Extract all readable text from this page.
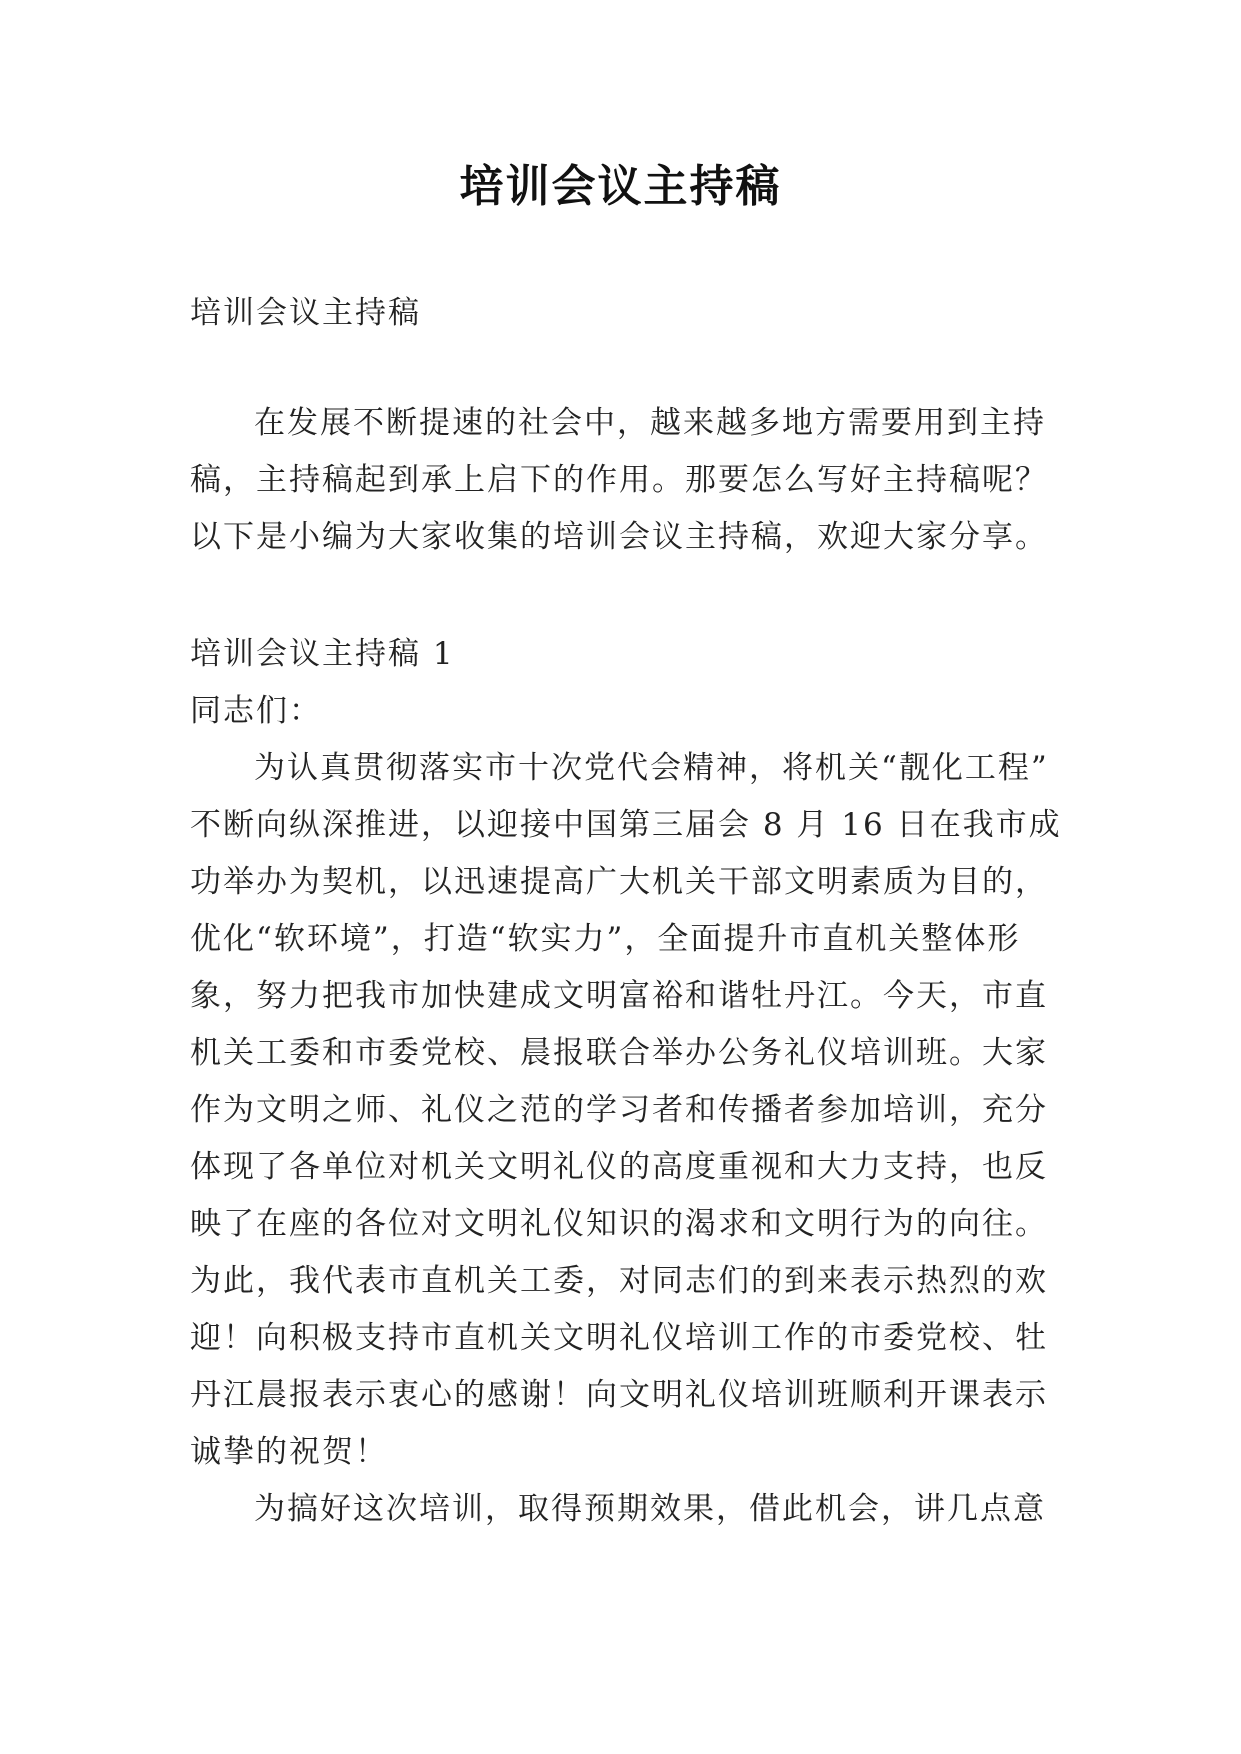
培训会议主持稿
培训会议主持稿
在发展不断提速的社会中，越来越多地方需要用到主持
稿，主持稿起到承上启下的作用。那要怎么写好主持稿呢？
以下是小编为大家收集的培训会议主持稿，欢迎大家分享。
培训会议主持稿 1
同志们：
为认真贯彻落实市十次党代会精神，将机关“靓化工程”
不断向纵深推进，以迎接中国第三届会 8 月 16 日在我市成
功举办为契机，以迅速提高广大机关干部文明素质为目的，
优化“软环境”，打造“软实力”，全面提升市直机关整体形
象，努力把我市加快建成文明富裕和谐牡丹江。今天，市直
机关工委和市委党校、晨报联合举办公务礼仪培训班。大家
作为文明之师、礼仪之范的学习者和传播者参加培训，充分
体现了各单位对机关文明礼仪的高度重视和大力支持，也反
映了在座的各位对文明礼仪知识的渴求和文明行为的向往。
为此，我代表市直机关工委，对同志们的到来表示热烈的欢
迎！向积极支持市直机关文明礼仪培训工作的市委党校、牡
丹江晨报表示衷心的感谢！向文明礼仪培训班顺利开课表示
诚挚的祝贺！
为搞好这次培训，取得预期效果，借此机会，讲几点意
